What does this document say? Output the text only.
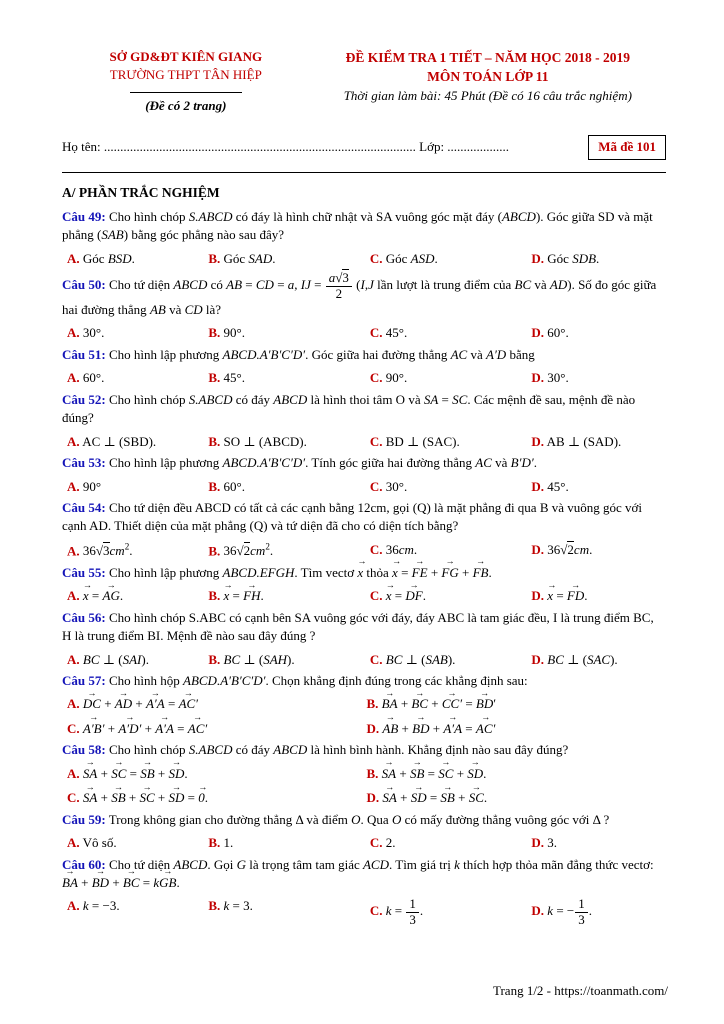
SỞ GD&ĐT KIÊN GIANG
TRƯỜNG THPT TÂN HIỆP
(Đề có 2 trang)
ĐỀ KIỂM TRA 1 TIẾT – NĂM HỌC 2018 - 2019
MÔN TOÁN LỚP 11
Thời gian làm bài: 45 Phút (Đề có 16 câu trắc nghiệm)
Họ tên: ................................................................................................ Lớp: ...................	Mã đề 101
A/ PHẦN TRẮC NGHIỆM

Câu 49: Cho hình chóp S.ABCD có đáy là hình chữ nhật và SA vuông góc mặt đáy (ABCD). Góc giữa SD và mặt phẳng (SAB) bằng góc phẳng nào sau đây?

A. Góc BSD.	B. Góc SAD.	C. Góc ASD.	D. Góc SDB.

Câu 50: Cho tứ diện ABCD có AB = CD = a, IJ = $\frac{a√3}{2} (I,J$ lần lượt là trung điểm của BC và AD). Số đo góc giữa hai đường thẳng AB và CD là?

A. 30°.	B. 90°.	C. 45°.	D. 60°.

Câu 51: Cho hình lập phương ABCD.A′B′C′D′. Góc giữa hai đường thẳng AC và A′D bằng

A. 60°.	B. 45°.	C. 90°.	D. 30°.

Câu 52: Cho hình chóp S.ABCD có đáy ABCD là hình thoi tâm O và SA = SC. Các mệnh đề sau, mệnh đề nào đúng?

A. AC ⊥ (SBD).	B. SO ⊥ (ABCD).	C. BD ⊥ (SAC).	D. AB ⊥ (SAD).

Câu 53: Cho hình lập phương ABCD.A′B′C′D′. Tính góc giữa hai đường thẳng AC và B′D′.

A. 90°	B. 60°.	C. 30°.	D. 45°.

Câu 54: Cho tứ diện đều ABCD có tất cả các cạnh bằng 12cm, gọi (Q) là mặt phẳng đi qua B và vuông góc với cạnh AD. Thiết diện của mặt phẳng (Q) và tứ diện đã cho có diện tích bằng?

A. $36√3cm^2$.	B. $36√2cm^2$.	C. 36cm.	D. 36√2cm.

Câu 55: Cho hình lập phương ABCD.EFGH. Tìm vectơ → x thỏa → x = → FE + → FG + → FB.

A. → x = → AG.	B. → x = → FH.	C. → x = → DF.	D. → x = → FD.

Câu 56: Cho hình chóp S.ABC có cạnh bên SA vuông góc với đáy, đáy ABC là tam giác đều, I là trung điểm BC, H là trung điểm BI. Mệnh đề nào sau đây đúng ?

A. BC ⊥ (SAI).	B. BC ⊥ (SAH).	C. BC ⊥ (SAB).	D. BC ⊥ (SAC).

Câu 57: Cho hình hộp ABCD.A′B′C′D′. Chọn khẳng định đúng trong các khẳng định sau:

A. → DC + → AD + → A′A = → AC′	B. → BA + → BC + → CC′ = → BD′
C. → A′B′ + → A′D′ + → A′A = → AC′	D. → AB + → BD + → A′A = → AC′

Câu 58: Cho hình chóp S.ABCD có đáy ABCD là hình bình hành. Khẳng định nào sau đây đúng?

A. → SA + → SC = → SB + → SD.	B. → SA + → SB = → SC + → SD.
C. → SA + → SB + → SC + → SD = → 0.	D. → SA + → SD = → SB + → SC.

Câu 59: Trong không gian cho đường thẳng Δ và điểm O. Qua O có mấy đường thẳng vuông góc với Δ ?

A. Vô số.	B. 1.	C. 2.	D. 3.

Câu 60: Cho tứ diện ABCD. Gọi G là trọng tâm tam giác ACD. Tìm giá trị k thích hợp thỏa mãn đẳng thức vectơ: → BA + → BD + → BC = k→ GB.

A. k = −3.	B. k = 3.	C. $k = \frac{1}{3}$ .	D. k = − $\frac{1}{3}$ .
Trang 1/2 - https://toanmath.com/
